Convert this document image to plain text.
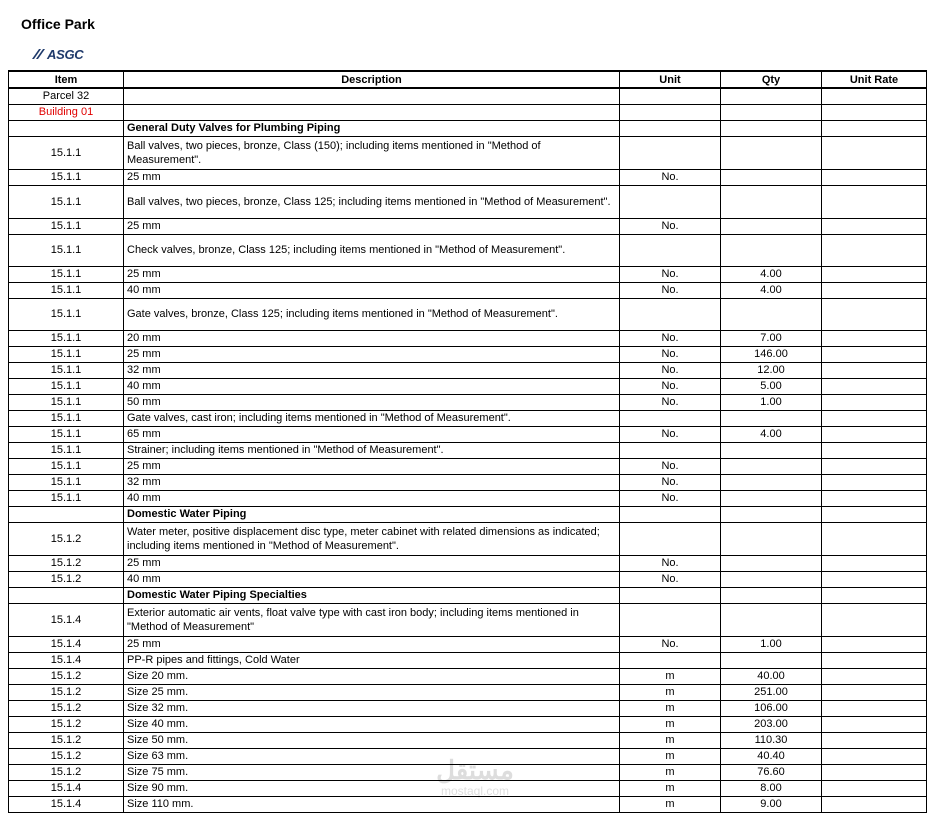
Office Park
ASGC
Item	Description	Unit	Qty	Unit Rate
Parcel 32				
Building 01				
	General Duty Valves for Plumbing Piping			
15.1.1	Ball valves, two pieces, bronze, Class (150); including items mentioned in "Method of Measurement".			
15.1.1	25 mm	No.		
15.1.1	Ball valves, two pieces, bronze, Class 125; including items mentioned in "Method of Measurement".			
15.1.1	25 mm	No.		
15.1.1	Check valves, bronze, Class 125; including items mentioned in "Method of Measurement".			
15.1.1	25 mm	No.	4.00	
15.1.1	40 mm	No.	4.00	
15.1.1	Gate valves, bronze, Class 125; including items mentioned in "Method of Measurement".			
15.1.1	20 mm	No.	7.00	
15.1.1	25 mm	No.	146.00	
15.1.1	32 mm	No.	12.00	
15.1.1	40 mm	No.	5.00	
15.1.1	50 mm	No.	1.00	
15.1.1	Gate valves, cast iron; including items mentioned in "Method of Measurement".			
15.1.1	65 mm	No.	4.00	
15.1.1	Strainer; including items mentioned in "Method of Measurement".			
15.1.1	25 mm	No.		
15.1.1	32 mm	No.		
15.1.1	40 mm	No.		
	Domestic Water Piping			
15.1.2	Water meter, positive displacement disc type, meter cabinet with related dimensions as indicated; including items mentioned in "Method of Measurement".			
15.1.2	25 mm	No.		
15.1.2	40 mm	No.		
	Domestic Water Piping Specialties			
15.1.4	Exterior automatic air vents, float valve type with cast iron body; including items mentioned in "Method of Measurement"			
15.1.4	25 mm	No.	1.00	
15.1.4	PP-R pipes and fittings, Cold Water			
15.1.2	Size 20 mm.	m	40.00	
15.1.2	Size 25 mm.	m	251.00	
15.1.2	Size 32 mm.	m	106.00	
15.1.2	Size 40 mm.	m	203.00	
15.1.2	Size 50 mm.	m	110.30	
15.1.2	Size 63 mm.	m	40.40	
15.1.2	Size 75 mm.	m	76.60	
15.1.4	Size 90 mm.	m	8.00	
15.1.4	Size 110 mm.	m	9.00	
مستقل
mostaql.com
